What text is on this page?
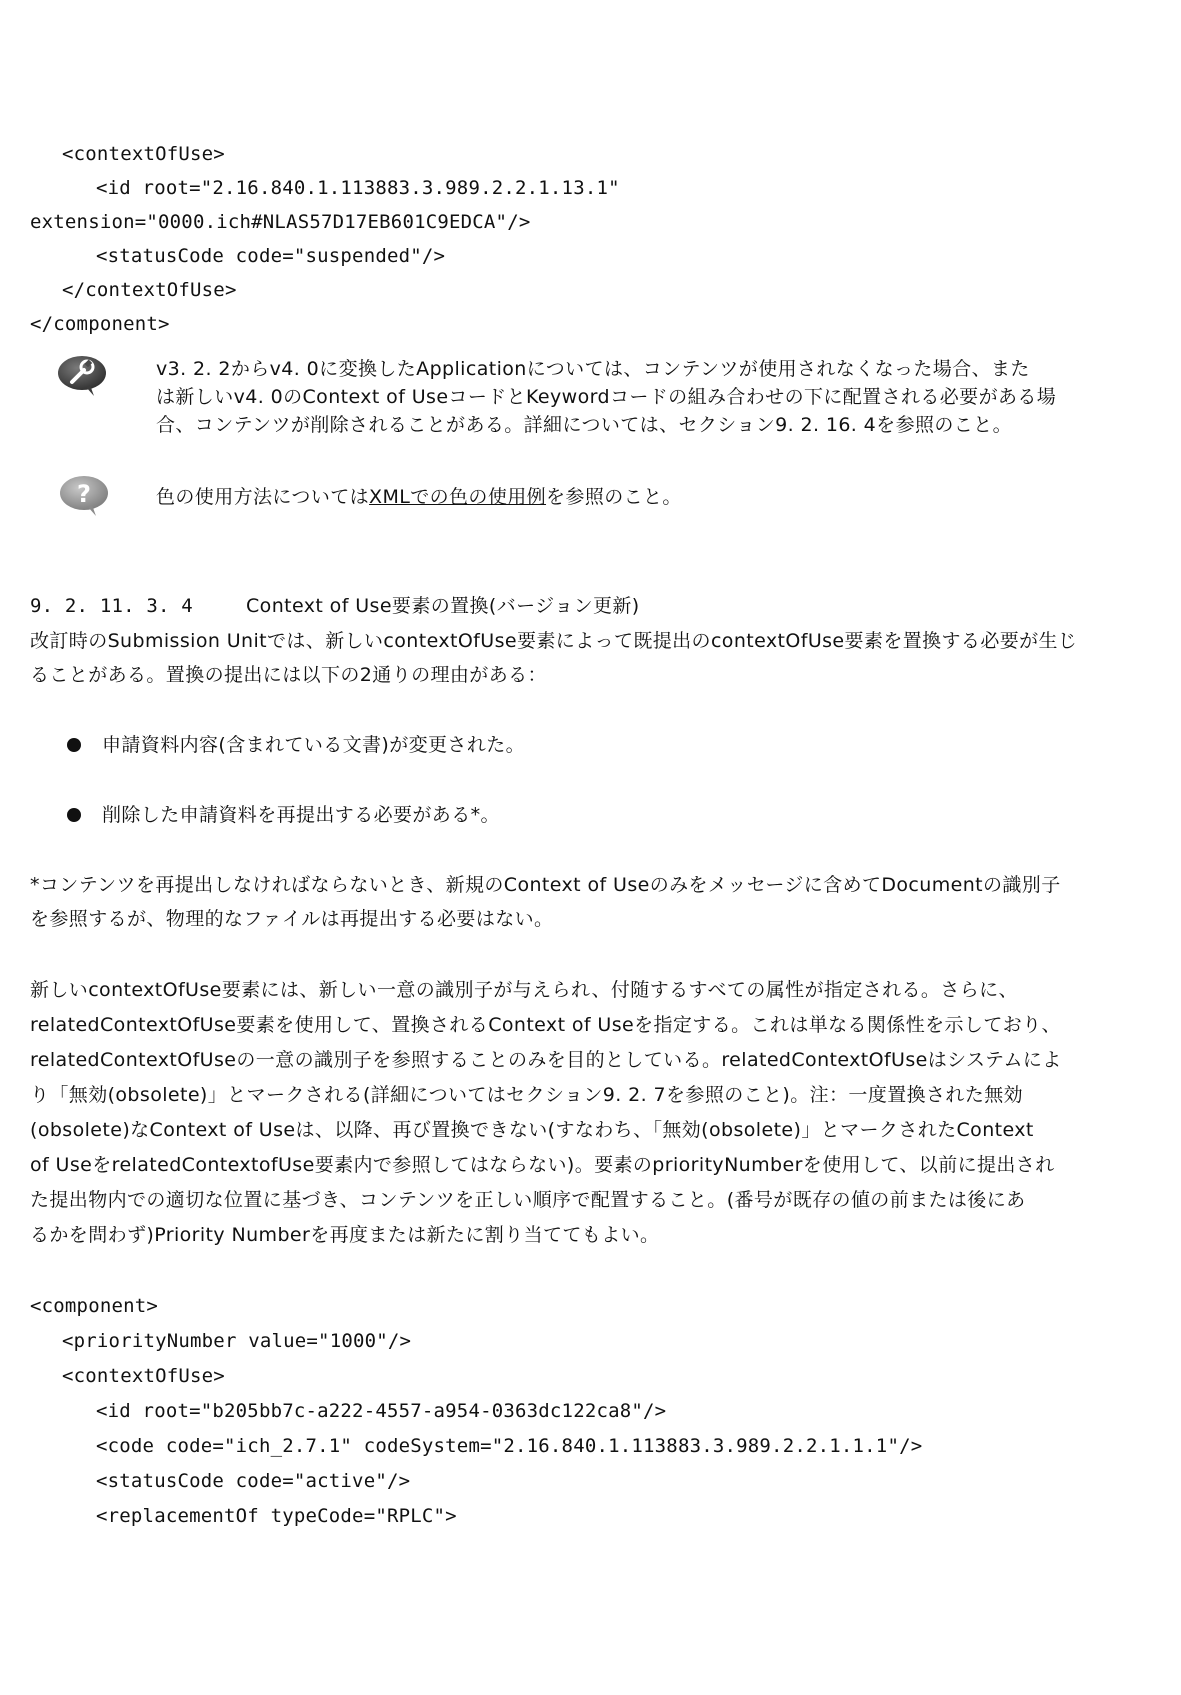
<contextOfUse>
<id root="2.16.840.1.113883.3.989.2.2.1.13.1"
extension="0000.ich#NLAS57D17EB601C9EDCA"/>
<statusCode code="suspended"/>
</contextOfUse>
</component>
v3. 2. 2からv4. 0に変換したApplicationについては、コンテンツが使用されなくなった場合、また
は新しいv4. 0のContext of UseコードとKeywordコードの組み合わせの下に配置される必要がある場
合、コンテンツが削除されることがある。詳細については、セクション9. 2. 16. 4を参照のこと。
?	色の使用方法についてはXMLでの色の使用例を参照のこと。
9. 2. 11. 3. 4	Context of Use要素の置換(バージョン更新)
改訂時のSubmission Unitでは、新しいcontextOfUse要素によって既提出のcontextOfUse要素を置換する必要が生じ
ることがある。置換の提出には以下の2通りの理由がある：
申請資料内容(含まれている文書)が変更された。
削除した申請資料を再提出する必要がある*。
*コンテンツを再提出しなければならないとき、新規のContext of Useのみをメッセージに含めてDocumentの識別子
を参照するが、物理的なファイルは再提出する必要はない。
新しいcontextOfUse要素には、新しい一意の識別子が与えられ、付随するすべての属性が指定される。さらに、
relatedContextOfUse要素を使用して、置換されるContext of Useを指定する。これは単なる関係性を示しており、
relatedContextOfUseの一意の識別子を参照することのみを目的としている。relatedContextOfUseはシステムによ
り「無効(obsolete)」とマークされる(詳細についてはセクション9. 2. 7を参照のこと)。注：一度置換された無効
(obsolete)なContext of Useは、以降、再び置換できない(すなわち、「無効(obsolete)」とマークされたContext
of UseをrelatedContextofUse要素内で参照してはならない)。要素のpriorityNumberを使用して、以前に提出され
た提出物内での適切な位置に基づき、コンテンツを正しい順序で配置すること。(番号が既存の値の前または後にあ
るかを問わず)Priority Numberを再度または新たに割り当ててもよい。
<component>
<priorityNumber value="1000"/>
<contextOfUse>
<id root="b205bb7c-a222-4557-a954-0363dc122ca8"/>
<code code="ich_2.7.1" codeSystem="2.16.840.1.113883.3.989.2.2.1.1.1"/>
<statusCode code="active"/>
<replacementOf typeCode="RPLC">
